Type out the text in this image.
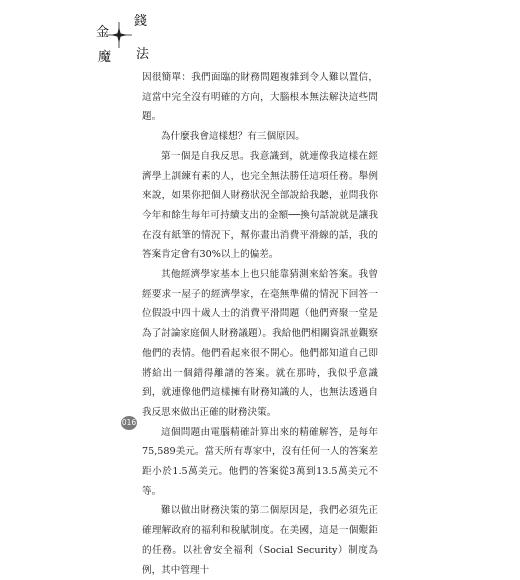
金
錢
魔 法

因很簡單：我們面臨的財務問題複雜到令人難以置信，這當中完全沒有明確的方向，大腦根本無法解決這些問題。

為什麼我會這樣想？有三個原因。

第一個是自我反思。我意識到，就連像我這樣在經濟學上訓練有素的人，也完全無法勝任這項任務。舉例來說，如果你把個人財務狀況全部說給我聽，並問我你今年和餘生每年可持續支出的金額──換句話說就是讓我在沒有紙筆的情況下，幫你畫出消費平滑線的話，我的答案肯定會有30%以上的偏差。

其他經濟學家基本上也只能靠猜測來給答案。我曾經要求一屋子的經濟學家，在毫無準備的情況下回答一位假設中四十歲人士的消費平滑問題（他們齊聚一堂是為了討論家庭個人財務議題）。我給他們相關資訊並觀察他們的表情。他們看起來很不開心。他們都知道自己即將給出一個錯得離譜的答案。就在那時，我似乎意識到，就連像他們這樣擁有財務知識的人，也無法透過自我反思來做出正確的財務決策。

這個問題由電腦精確計算出來的精確解答，是每年75,589美元。當天所有專家中，沒有任何一人的答案差距小於1.5萬美元。他們的答案從3萬到13.5萬美元不等。

難以做出財務決策的第二個原因是，我們必須先正確理解政府的福利和稅賦制度。在美國，這是一個艱鉅的任務。以社會安全福利（Social Security）制度為例，其中管理十

016
